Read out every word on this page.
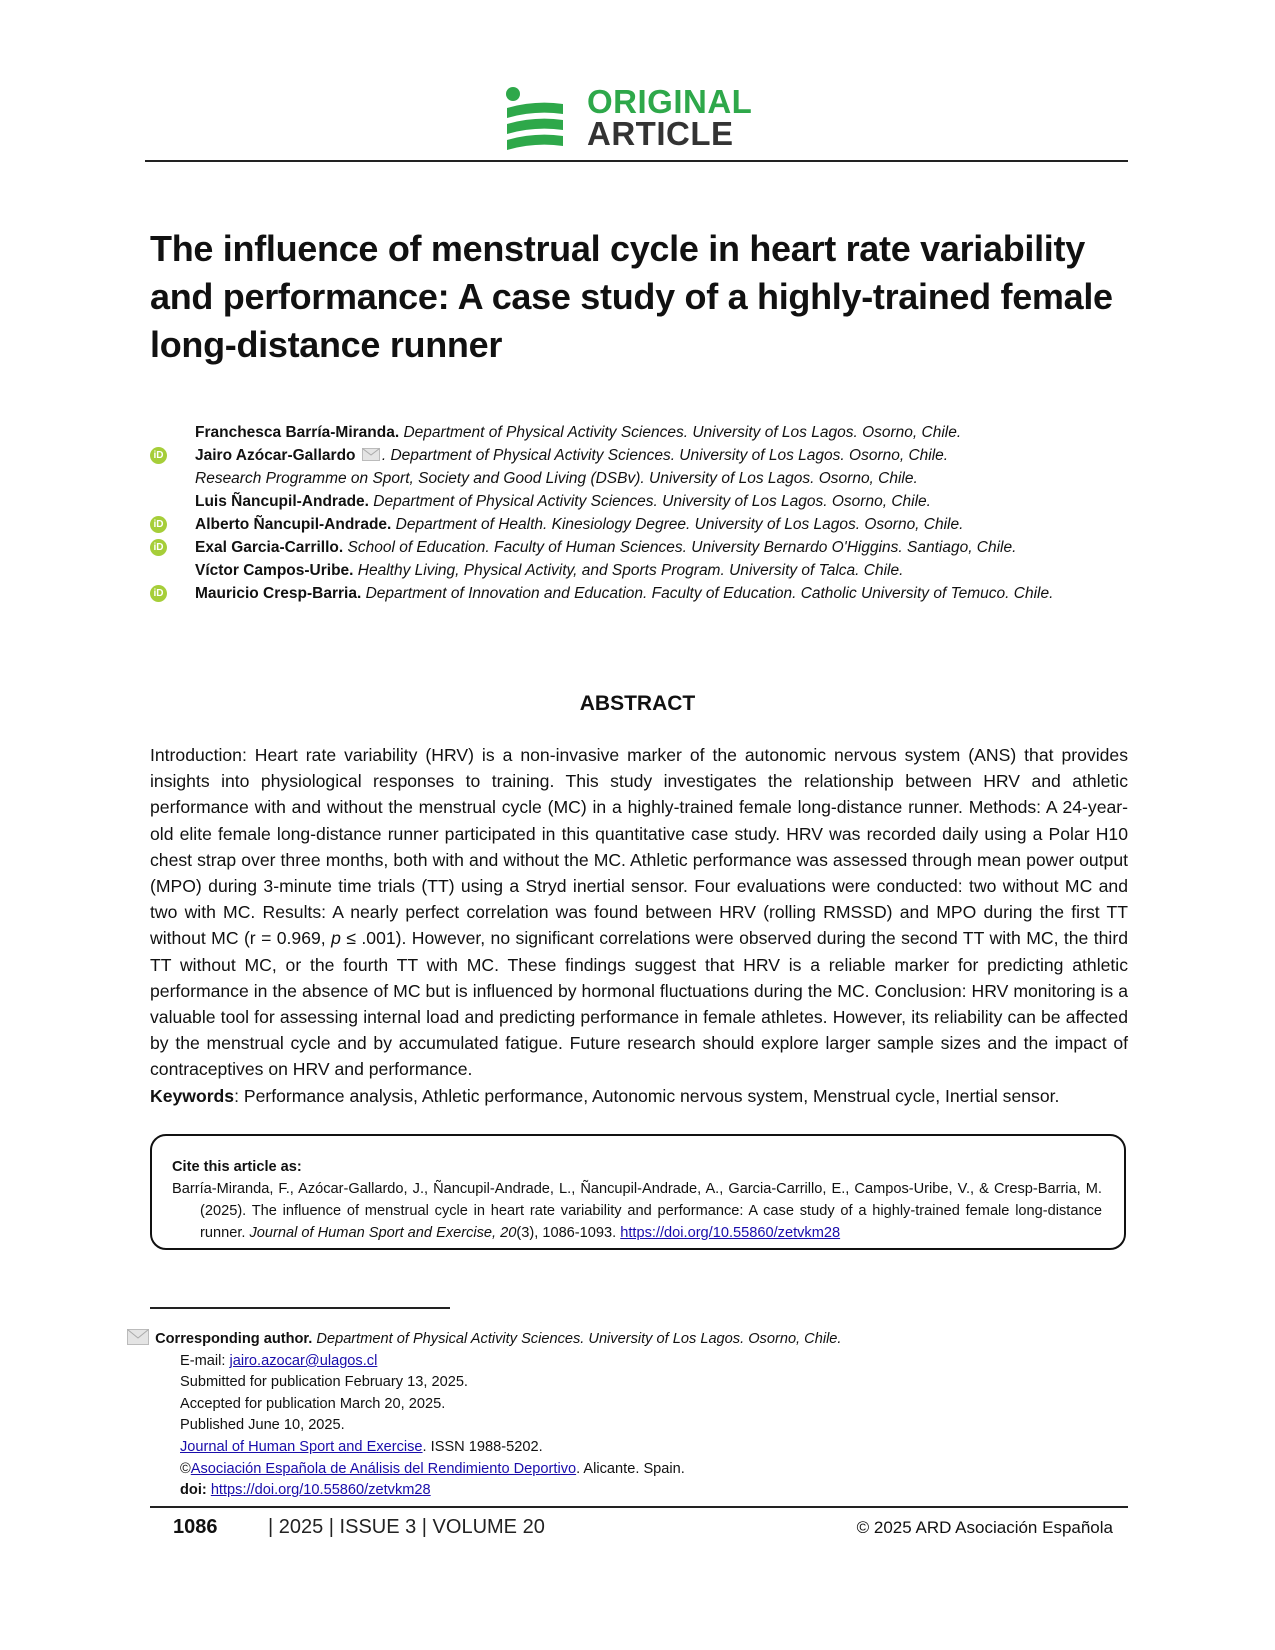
ORIGINAL
ARTICLE
The influence of menstrual cycle in heart rate variability and performance: A case study of a highly-trained female long-distance runner
Franchesca Barría-Miranda. Department of Physical Activity Sciences. University of Los Lagos. Osorno, Chile.
iD Jairo Azócar-Gallardo . Department of Physical Activity Sciences. University of Los Lagos. Osorno, Chile.
Research Programme on Sport, Society and Good Living (DSBv). University of Los Lagos. Osorno, Chile.
Luis Ñancupil-Andrade. Department of Physical Activity Sciences. University of Los Lagos. Osorno, Chile.
iD Alberto Ñancupil-Andrade. Department of Health. Kinesiology Degree. University of Los Lagos. Osorno, Chile.
iD Exal Garcia-Carrillo. School of Education. Faculty of Human Sciences. University Bernardo O'Higgins. Santiago, Chile.
Víctor Campos-Uribe. Healthy Living, Physical Activity, and Sports Program. University of Talca. Chile.
iD Mauricio Cresp-Barria. Department of Innovation and Education. Faculty of Education. Catholic University of Temuco. Chile.
ABSTRACT
Introduction: Heart rate variability (HRV) is a non-invasive marker of the autonomic nervous system (ANS) that provides insights into physiological responses to training. This study investigates the relationship between HRV and athletic performance with and without the menstrual cycle (MC) in a highly-trained female long-distance runner. Methods: A 24-year-old elite female long-distance runner participated in this quantitative case study. HRV was recorded daily using a Polar H10 chest strap over three months, both with and without the MC. Athletic performance was assessed through mean power output (MPO) during 3-minute time trials (TT) using a Stryd inertial sensor. Four evaluations were conducted: two without MC and two with MC. Results: A nearly perfect correlation was found between HRV (rolling RMSSD) and MPO during the first TT without MC (r = 0.969, p ≤ .001). However, no significant correlations were observed during the second TT with MC, the third TT without MC, or the fourth TT with MC. These findings suggest that HRV is a reliable marker for predicting athletic performance in the absence of MC but is influenced by hormonal fluctuations during the MC. Conclusion: HRV monitoring is a valuable tool for assessing internal load and predicting performance in female athletes. However, its reliability can be affected by the menstrual cycle and by accumulated fatigue. Future research should explore larger sample sizes and the impact of contraceptives on HRV and performance.
Keywords: Performance analysis, Athletic performance, Autonomic nervous system, Menstrual cycle, Inertial sensor.
Cite this article as:
Barría-Miranda, F., Azócar-Gallardo, J., Ñancupil-Andrade, L., Ñancupil-Andrade, A., Garcia-Carrillo, E., Campos-Uribe, V., & Cresp-Barria, M. (2025). The influence of menstrual cycle in heart rate variability and performance: A case study of a highly-trained female long-distance runner. Journal of Human Sport and Exercise, 20(3), 1086-1093. https://doi.org/10.55860/zetvkm28
Corresponding author. Department of Physical Activity Sciences. University of Los Lagos. Osorno, Chile.
E-mail: jairo.azocar@ulagos.cl
Submitted for publication February 13, 2025.
Accepted for publication March 20, 2025.
Published June 10, 2025.
Journal of Human Sport and Exercise. ISSN 1988-5202.
©Asociación Española de Análisis del Rendimiento Deportivo. Alicante. Spain.
doi: https://doi.org/10.55860/zetvkm28
1086	| 2025 | ISSUE 3 | VOLUME 20	© 2025 ARD Asociación Española
